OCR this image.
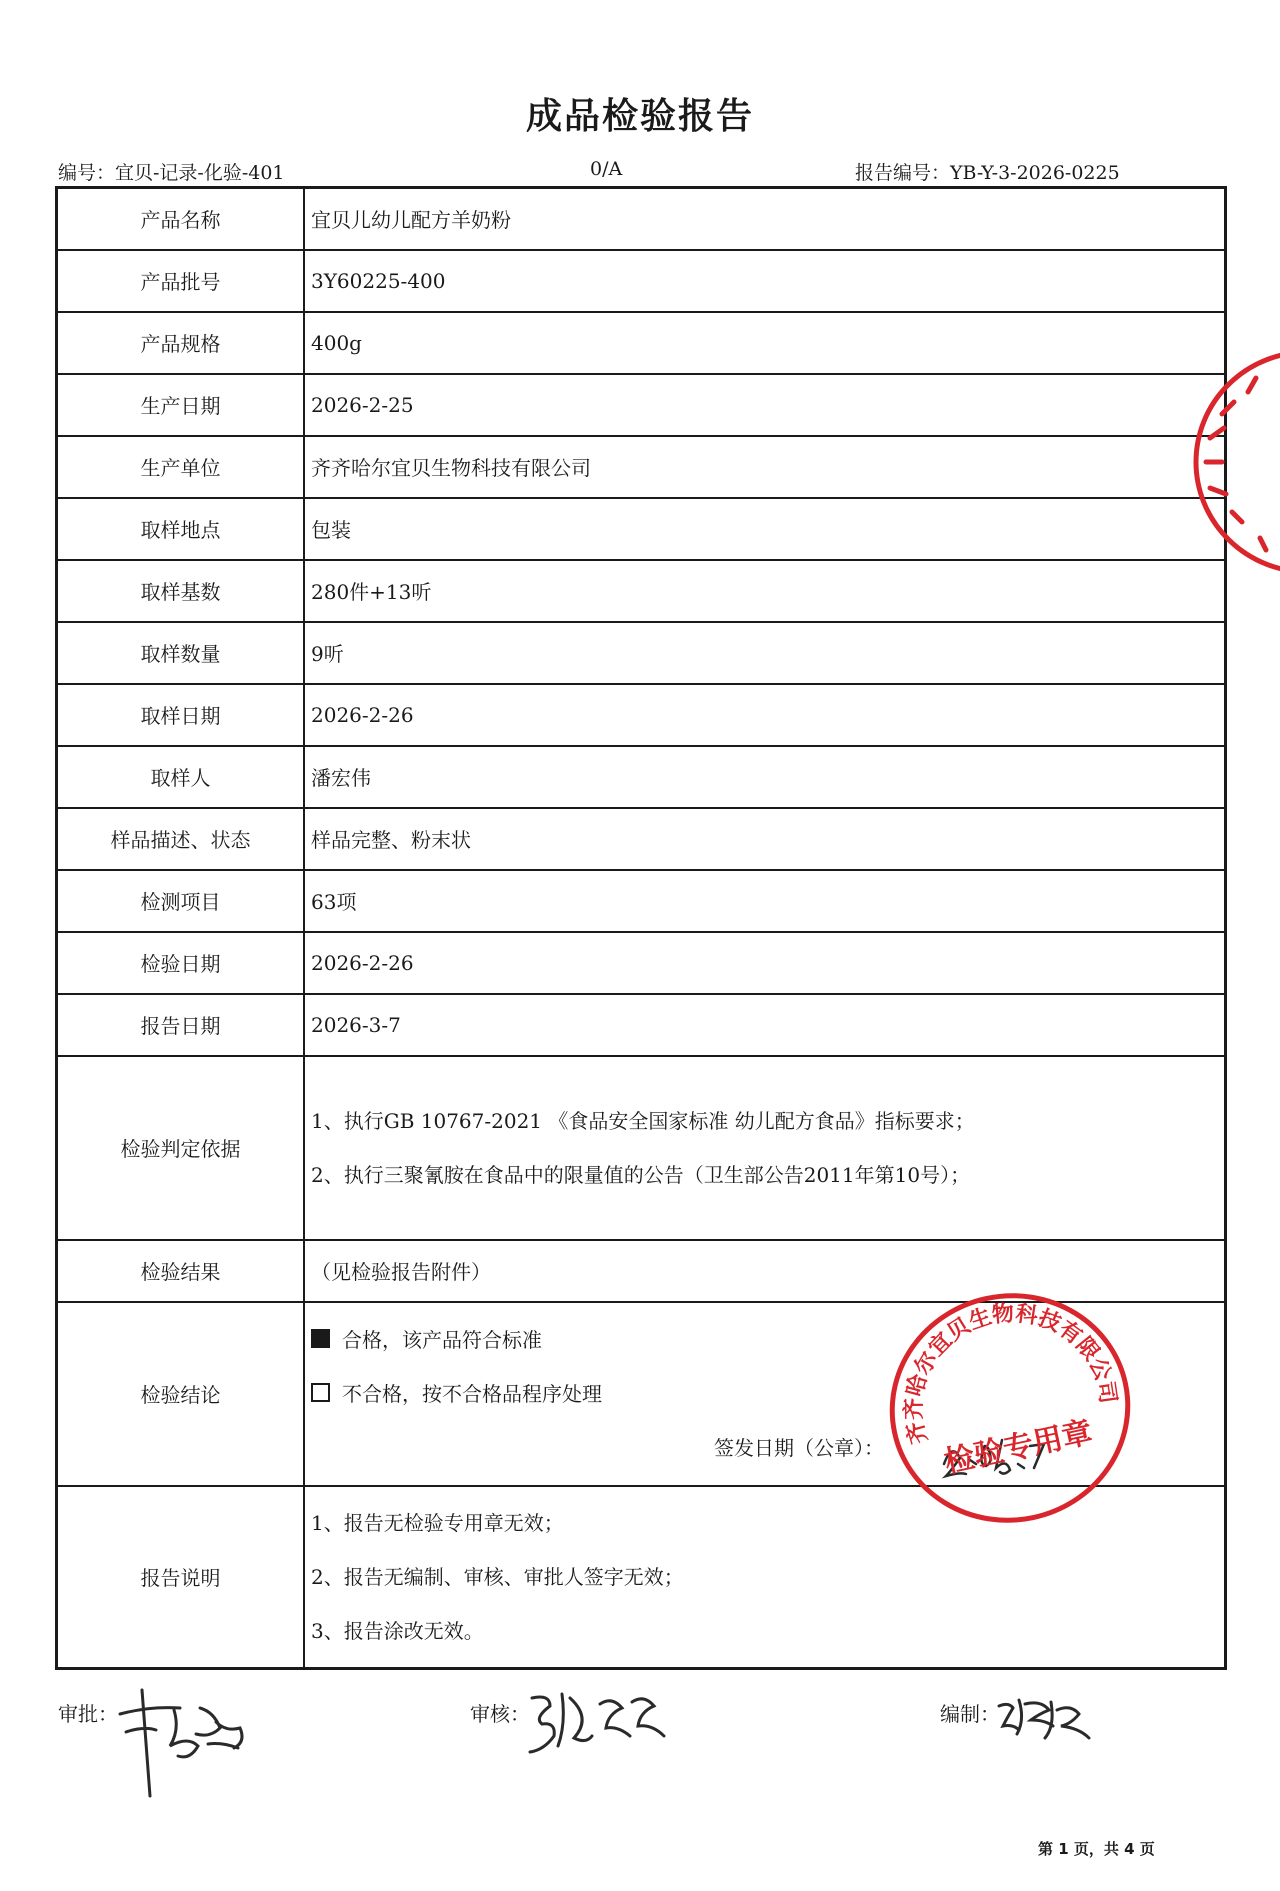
成品检验报告
编号：宜贝-记录-化验-401	0/A	报告编号：YB-Y-3-2026-0225
产品名称	宜贝儿幼儿配方羊奶粉
产品批号	3Y60225-400
产品规格	400g
生产日期	2026-2-25
生产单位	齐齐哈尔宜贝生物科技有限公司
取样地点	包装
取样基数	280件+13听
取样数量	9听
取样日期	2026-2-26
取样人	潘宏伟
样品描述、状态	样品完整、粉末状
检测项目	63项
检验日期	2026-2-26
报告日期	2026-3-7
检验判定依据	1、执行GB 10767-2021 《食品安全国家标准 幼儿配方食品》指标要求；
2、执行三聚氰胺在食品中的限量值的公告（卫生部公告2011年第10号）；

检验结果	（见检验报告附件）
检验结论	合格，该产品符合标准
不合格，按不合格品程序处理
签发日期（公章）：

报告说明	1、报告无检验专用章无效；
2、报告无编制、审核、审批人签字无效；
3、报告涂改无效。
齐齐哈尔宜贝生物科技有限公司
检验专用章
审批：	审核：	编制：
第 1 页，共 4 页
